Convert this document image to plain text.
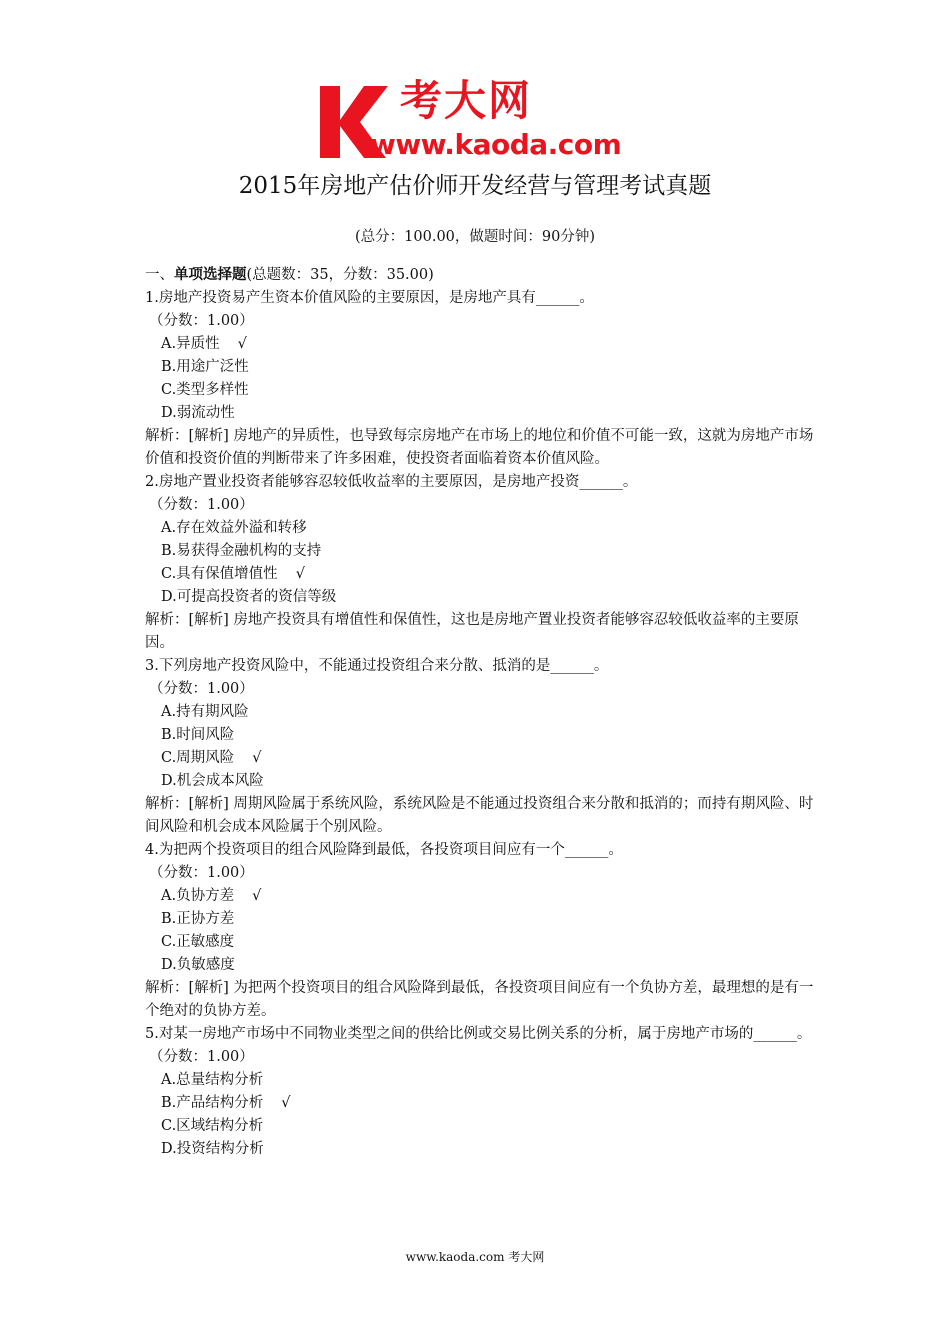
考大网
www.kaoda.com
2015年房地产估价师开发经营与管理考试真题
(总分：100.00，做题时间：90分钟)

一、单项选择题(总题数：35，分数：35.00)

1.房地产投资易产生资本价值风险的主要原因，是房地产具有______。

（分数：1.00）

A.异质性 √

B.用途广泛性

C.类型多样性

D.弱流动性

解析：[解析] 房地产的异质性，也导致每宗房地产在市场上的地位和价值不可能一致，这就为房地产市场价值和投资价值的判断带来了许多困难，使投资者面临着资本价值风险。

2.房地产置业投资者能够容忍较低收益率的主要原因，是房地产投资______。

（分数：1.00）

A.存在效益外溢和转移

B.易获得金融机构的支持

C.具有保值增值性 √

D.可提高投资者的资信等级

解析：[解析] 房地产投资具有增值性和保值性，这也是房地产置业投资者能够容忍较低收益率的主要原因。

3.下列房地产投资风险中，不能通过投资组合来分散、抵消的是______。

（分数：1.00）

A.持有期风险

B.时间风险

C.周期风险 √

D.机会成本风险

解析：[解析] 周期风险属于系统风险，系统风险是不能通过投资组合来分散和抵消的；而持有期风险、时间风险和机会成本风险属于个别风险。

4.为把两个投资项目的组合风险降到最低，各投资项目间应有一个______。

（分数：1.00）

A.负协方差 √

B.正协方差

C.正敏感度

D.负敏感度

解析：[解析] 为把两个投资项目的组合风险降到最低，各投资项目间应有一个负协方差，最理想的是有一个绝对的负协方差。

5.对某一房地产市场中不同物业类型之间的供给比例或交易比例关系的分析，属于房地产市场的______。

（分数：1.00）

A.总量结构分析

B.产品结构分析 √

C.区域结构分析

D.投资结构分析

www.kaoda.com 考大网
